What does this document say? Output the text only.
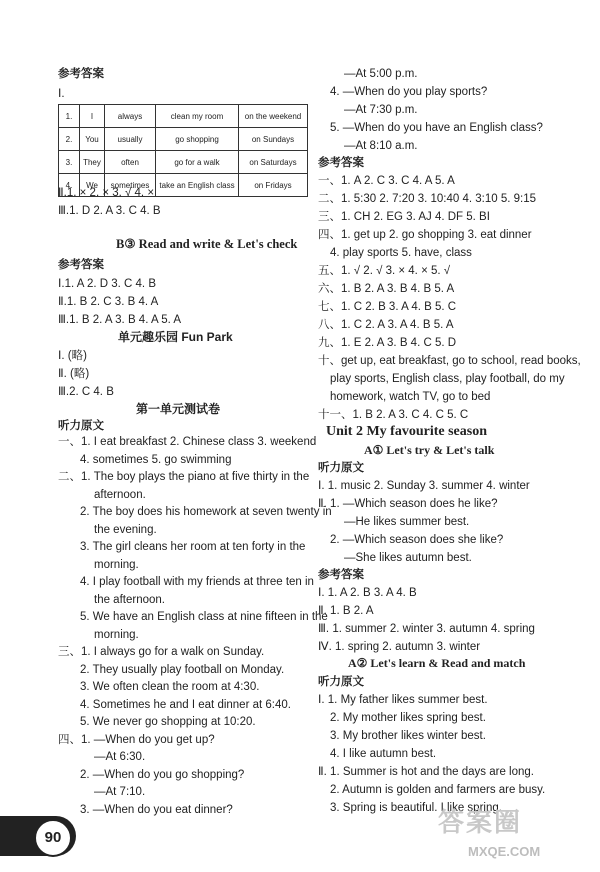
参考答案
Ⅰ.
1.	I	always	clean my room	on the weekend
2.	You	usually	go shopping	on Sundays
3.	They	often	go for a walk	on Saturdays
4.	We	sometimes	take an English class	on Fridays
Ⅱ.1. × 2. × 3. √ 4. ×
Ⅲ.1. D 2. A 3. C 4. B
B③ Read and write & Let's check
参考答案
Ⅰ.1. A 2. D 3. C 4. B
Ⅱ.1. B 2. C 3. B 4. A
Ⅲ.1. B 2. A 3. B 4. A 5. A
单元趣乐园 Fun Park
Ⅰ. (略)
Ⅱ. (略)
Ⅲ.2. C 4. B
第一单元测试卷
听力原文
一、1. I eat breakfast 2. Chinese class 3. weekend
4. sometimes 5. go swimming
二、1. The boy plays the piano at five thirty in the
afternoon.
2. The boy does his homework at seven twenty in
the evening.
3. The girl cleans her room at ten forty in the
morning.
4. I play football with my friends at three ten in
the afternoon.
5. We have an English class at nine fifteen in the
morning.
三、1. I always go for a walk on Sunday.
2. They usually play football on Monday.
3. We often clean the room at 4:30.
4. Sometimes he and I eat dinner at 6:40.
5. We never go shopping at 10:20.
四、1. —When do you get up?
—At 6:30.
2. —When do you go shopping?
—At 7:10.
3. —When do you eat dinner?
—At 5:00 p.m.
4. —When do you play sports?
—At 7:30 p.m.
5. —When do you have an English class?
—At 8:10 a.m.
参考答案
一、1. A 2. C 3. C 4. A 5. A
二、1. 5:30 2. 7:20 3. 10:40 4. 3:10 5. 9:15
三、1. CH 2. EG 3. AJ 4. DF 5. BI
四、1. get up 2. go shopping 3. eat dinner
4. play sports 5. have, class
五、1. √ 2. √ 3. × 4. × 5. √
六、1. B 2. A 3. B 4. B 5. A
七、1. C 2. B 3. A 4. B 5. C
八、1. C 2. A 3. A 4. B 5. A
九、1. E 2. A 3. B 4. C 5. D
十、get up, eat breakfast, go to school, read books,
play sports, English class, play football, do my
homework, watch TV, go to bed
十一、1. B 2. A 3. C 4. C 5. C
Unit 2 My favourite season
A① Let's try & Let's talk
听力原文
Ⅰ. 1. music 2. Sunday 3. summer 4. winter
Ⅱ. 1. —Which season does he like?
—He likes summer best.
2. —Which season does she like?
—She likes autumn best.
参考答案
Ⅰ. 1. A 2. B 3. A 4. B
Ⅱ. 1. B 2. A
Ⅲ. 1. summer 2. winter 3. autumn 4. spring
Ⅳ. 1. spring 2. autumn 3. winter
A② Let's learn & Read and match
听力原文
Ⅰ. 1. My father likes summer best.
2. My mother likes spring best.
3. My brother likes winter best.
4. I like autumn best.
Ⅱ. 1. Summer is hot and the days are long.
2. Autumn is golden and farmers are busy.
3. Spring is beautiful. I like spring.
90
答案圈
MXQE.COM
